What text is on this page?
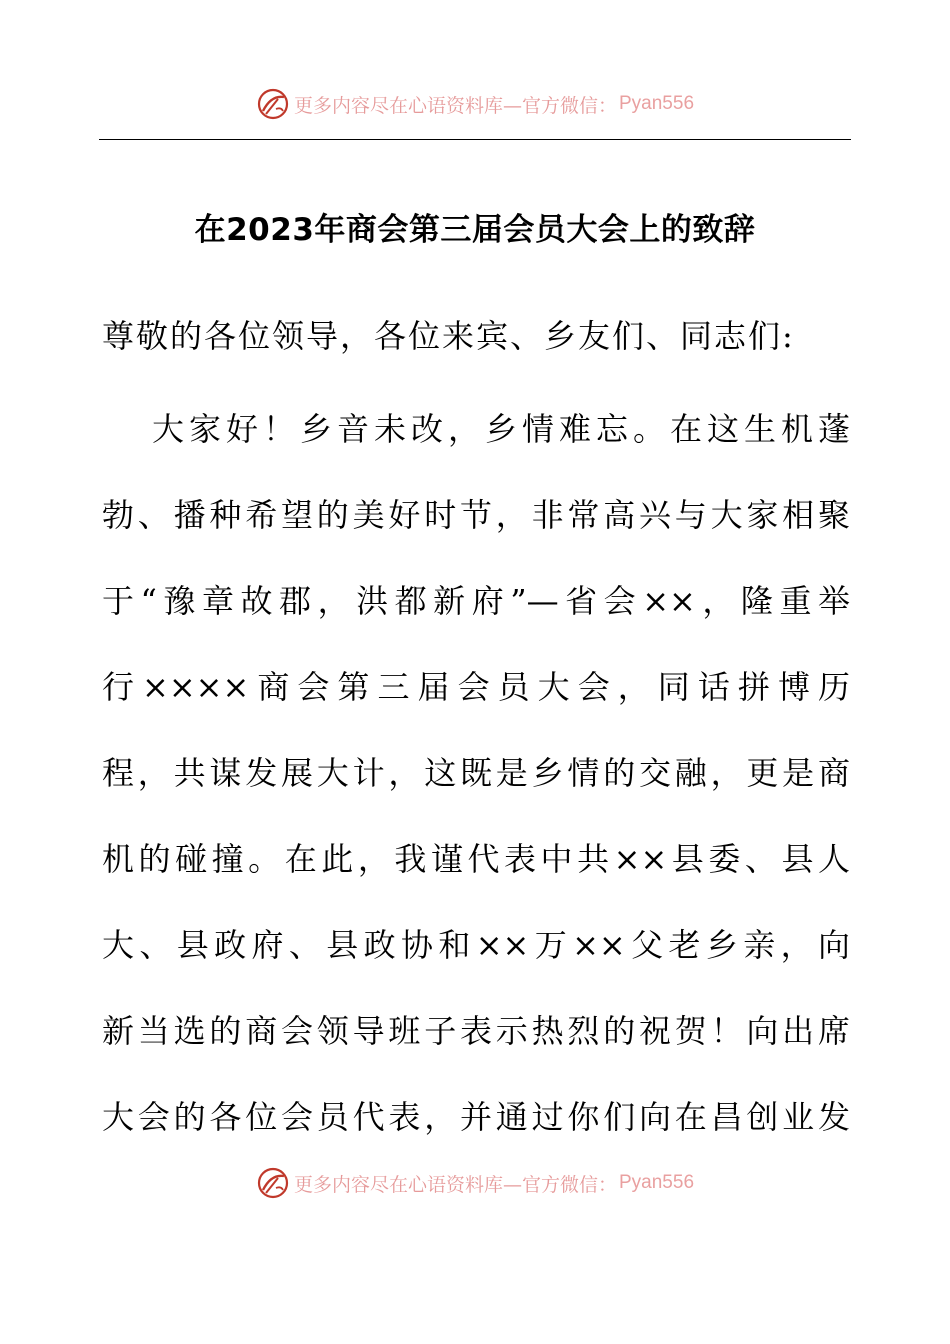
更多内容尽在心语资料库—官方微信： Pyan556
在2023年商会第三届会员大会上的致辞

尊敬的各位领导，各位来宾、乡友们、同志们:

大家好！乡音未改，乡情难忘。在这生机蓬

勃、播种希望的美好时节，非常高兴与大家相聚

于“豫章故郡，洪都新府”—省会××，隆重举

行××××商会第三届会员大会，同话拼博历

程，共谋发展大计，这既是乡情的交融，更是商

机的碰撞。在此，我谨代表中共××县委、县人

大、县政府、县政协和××万××父老乡亲，向

新当选的商会领导班子表示热烈的祝贺！向出席

大会的各位会员代表，并通过你们向在昌创业发

更多内容尽在心语资料库—官方微信： Pyan556
